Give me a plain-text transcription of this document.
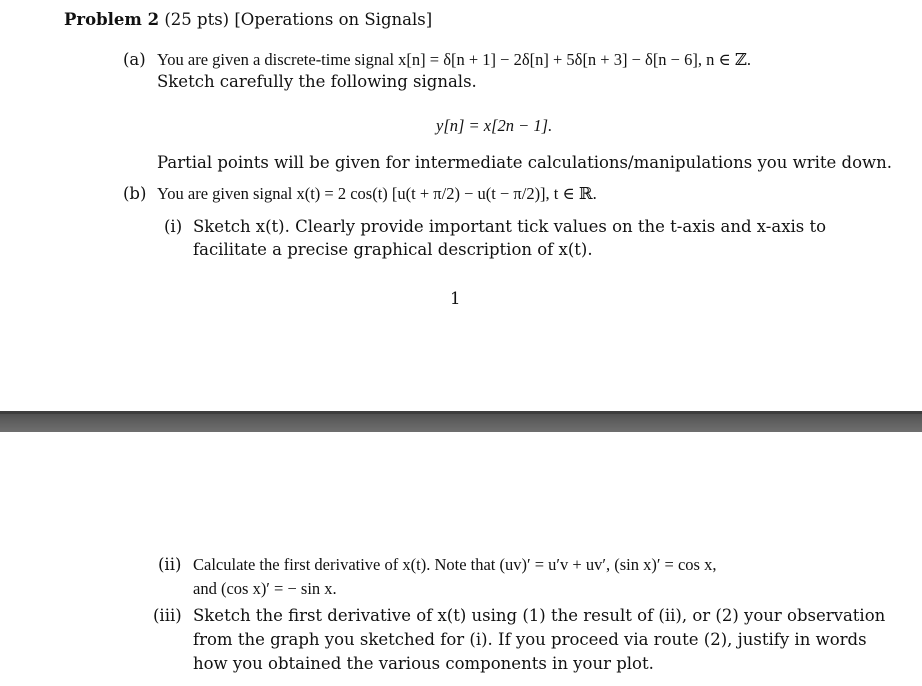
Problem 2 (25 pts) [Operations on Signals]
(a) You are given a discrete-time signal x[n] = δ[n + 1] − 2δ[n] + 5δ[n + 3] − δ[n − 6], n ∈ ℤ.
Sketch carefully the following signals.
y[n] = x[2n − 1].
Partial points will be given for intermediate calculations/manipulations you write down.
(b) You are given signal x(t) = 2 cos(t) [u(t + π/2) − u(t − π/2)], t ∈ ℝ.
(i) Sketch x(t). Clearly provide important tick values on the t-axis and x-axis to
facilitate a precise graphical description of x(t).
1
(ii) Calculate the first derivative of x(t). Note that (uv)′ = u′v + uv′, (sin x)′ = cos x,
and (cos x)′ = − sin x.
(iii) Sketch the first derivative of x(t) using (1) the result of (ii), or (2) your observation
from the graph you sketched for (i). If you proceed via route (2), justify in words
how you obtained the various components in your plot.
